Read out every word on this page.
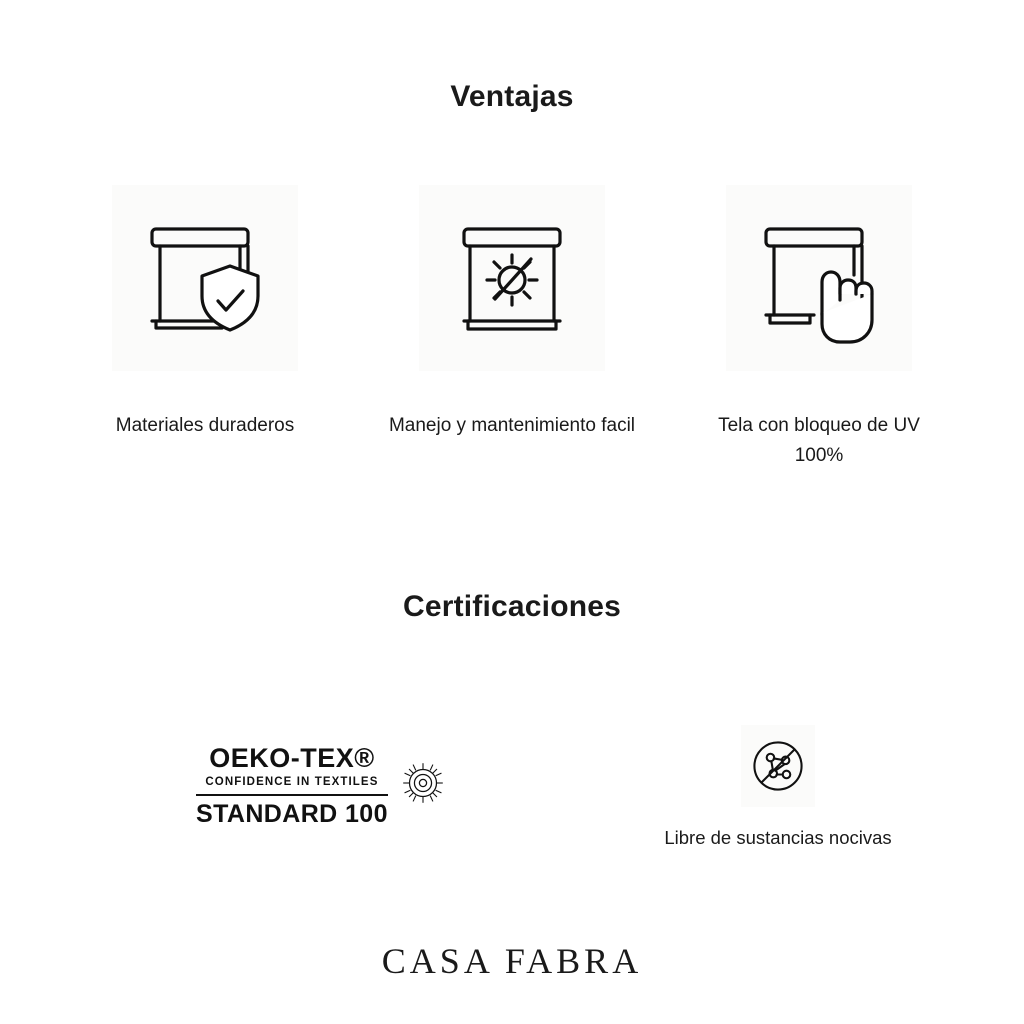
Ventajas
Materiales duraderos	Manejo y mantenimiento facil	Tela con bloqueo de UV 100%
Certificaciones
OEKO-TEX®
CONFIDENCE IN TEXTILES
STANDARD 100
Libre de sustancias nocivas
CASA FABRA
